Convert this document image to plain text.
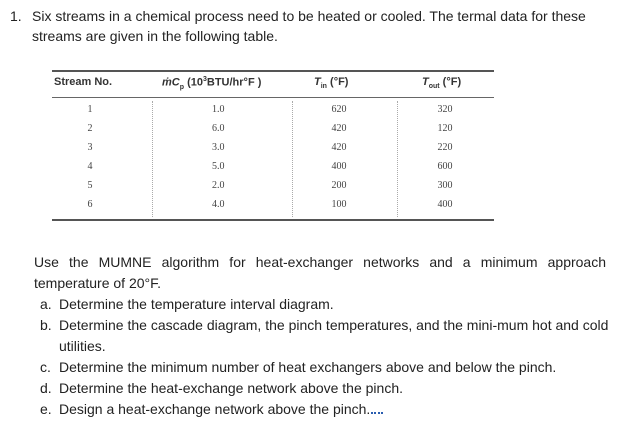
1. Six streams in a chemical process need to be heated or cooled. The termal data for these
streams are given in the following table.
Stream No.	ṁC$_p$ ($10^3BTU/hr^\circ F$ )	$T_{in}$ (°F)	$T_{out}$ (°F)
1	1.0	620	320
2	6.0	420	120
3	3.0	420	220
4	5.0	400	600
5	2.0	200	300
6	4.0	100	400
Use the MUMNE algorithm for heat-exchanger networks and a minimum approach temperature of 20°F.
a. Determine the temperature interval diagram.
b. Determine the cascade diagram, the pinch temperatures, and the mini-mum hot and cold utilities.
c. Determine the minimum number of heat exchangers above and below the pinch.
d. Determine the heat-exchange network above the pinch.
e. Design a heat-exchange network above the pinch.
